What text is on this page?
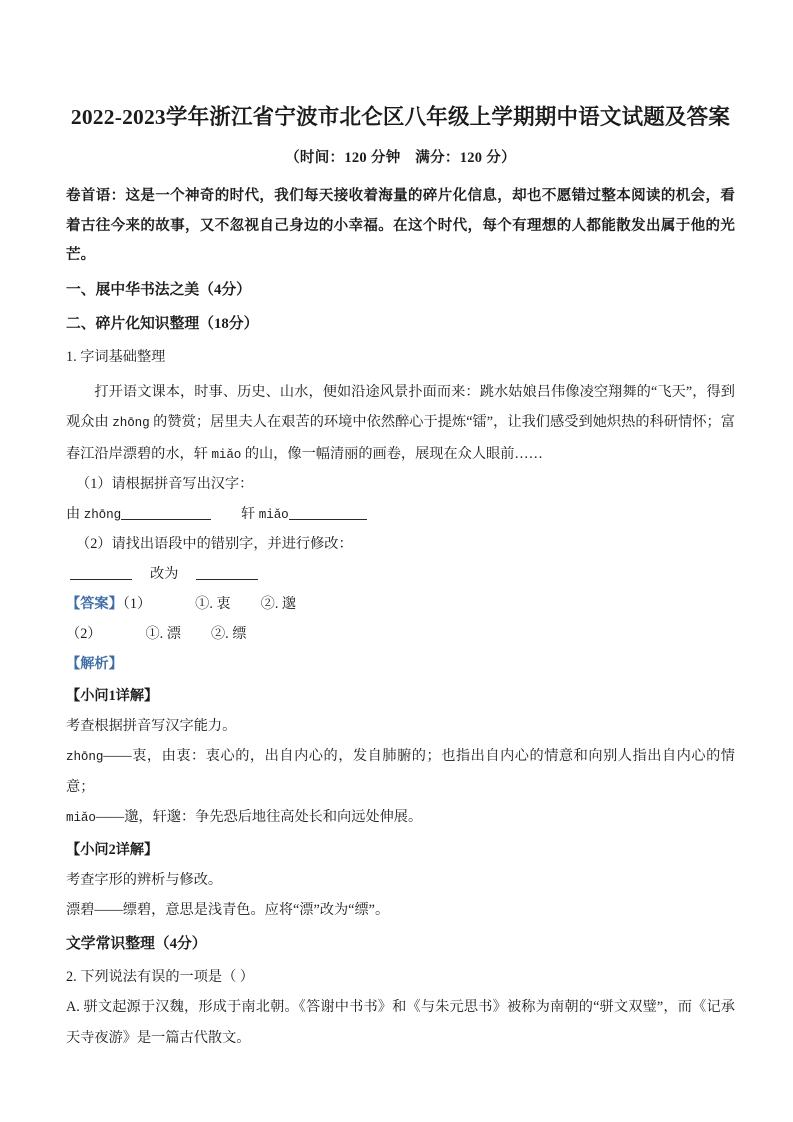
2022-2023学年浙江省宁波市北仑区八年级上学期期中语文试题及答案

（时间：120 分钟　满分：120 分）

卷首语：这是一个神奇的时代，我们每天接收着海量的碎片化信息，却也不愿错过整本阅读的机会，看着古往今来的故事，又不忽视自己身边的小幸福。在这个时代，每个有理想的人都能散发出属于他的光芒。

一、展中华书法之美（4分）

二、碎片化知识整理（18分）

1. 字词基础整理

打开语文课本，时事、历史、山水，便如沿途风景扑面而来：跳水姑娘吕伟像凌空翔舞的“飞天”，得到观众由 zhōng 的赞赏；居里夫人在艰苦的环境中依然醉心于提炼“镭”，让我们感受到她炽热的科研情怀；富春江沿岸漂碧的水，轩 miǎo 的山，像一幅清丽的画卷，展现在众人眼前……

（1）请根据拼音写出汉字：

由 zhōng	轩 miǎo

（2）请找出语段中的错别字，并进行修改：

改为

【答案】（1）	①. 衷 ②. 邈

（2）	①. 漂 ②. 缥

【解析】

【小问1详解】

考查根据拼音写汉字能力。

zhōng——衷，由衷：衷心的，出自内心的，发自肺腑的；也指出自内心的情意和向别人指出自内心的情意；

miǎo——邈，轩邈：争先恐后地往高处长和向远处伸展。

【小问2详解】

考查字形的辨析与修改。

漂碧——缥碧，意思是浅青色。应将“漂”改为“缥”。

文学常识整理（4分）

2. 下列说法有误的一项是（ ）

A. 骈文起源于汉魏，形成于南北朝。《答谢中书书》和《与朱元思书》被称为南朝的“骈文双璧”，而《记承天寺夜游》是一篇古代散文。
